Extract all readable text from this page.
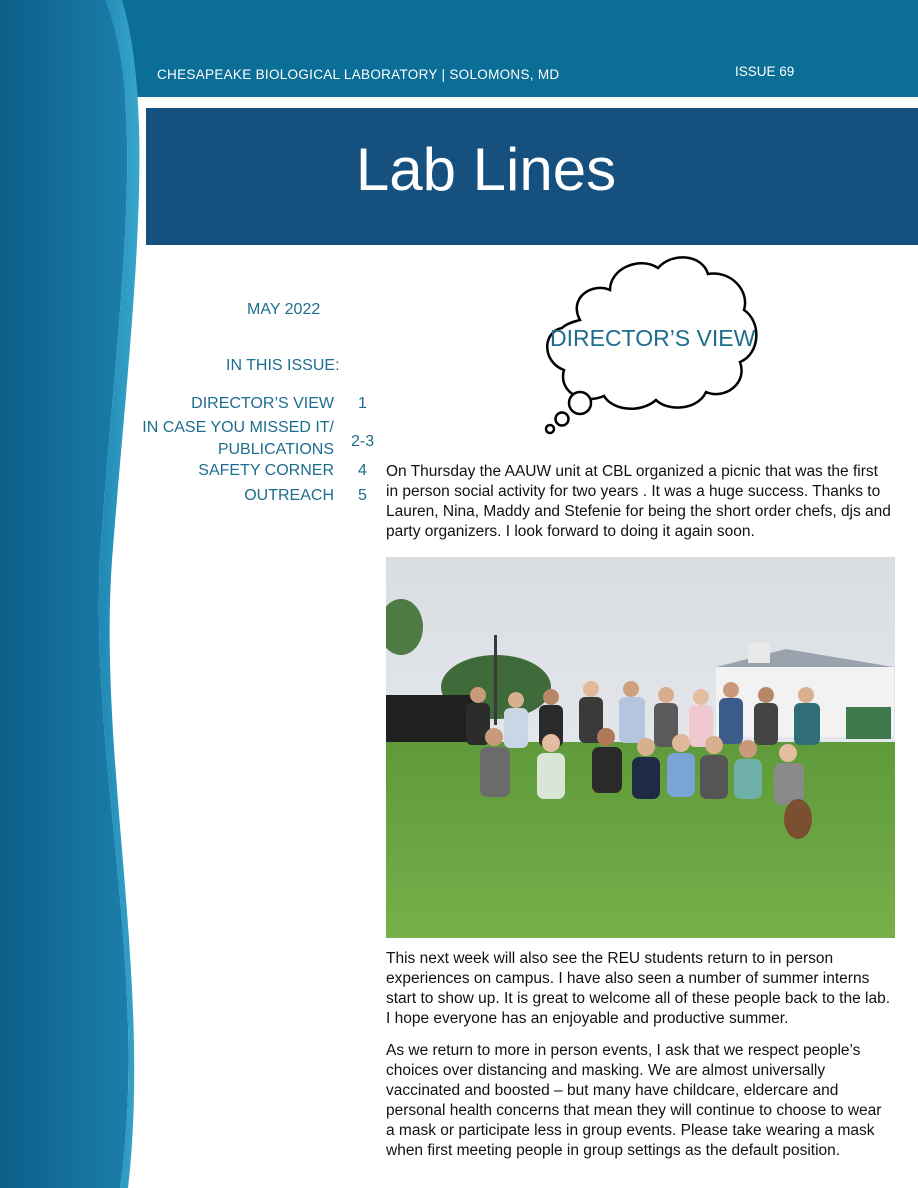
CHESAPEAKE BIOLOGICAL LABORATORY | SOLOMONS, MD	ISSUE 69
Lab Lines
MAY 2022
IN THIS ISSUE:
DIRECTOR’S VIEW 1
IN CASE YOU MISSED IT/
PUBLICATIONS 2-3
SAFETY CORNER 4
OUTREACH 5
DIRECTOR’S VIEW

On Thursday the AAUW unit at CBL organized a picnic that was the first in person social activity for two years . It was a huge success. Thanks to Lauren, Nina, Maddy and Stefenie for being the short order chefs, djs and party organizers. I look forward to doing it again soon.

This next week will also see the REU students return to in person experiences on campus. I have also seen a number of summer interns start to show up. It is great to welcome all of these people back to the lab. I hope everyone has an enjoyable and productive summer.

As we return to more in person events, I ask that we respect people’s choices over distancing and masking. We are almost universally vaccinated and boosted – but many have childcare, eldercare and personal health concerns that mean they will continue to choose to wear a mask or participate less in group events. Please take wearing a mask when first meeting people in group settings as the default position.
